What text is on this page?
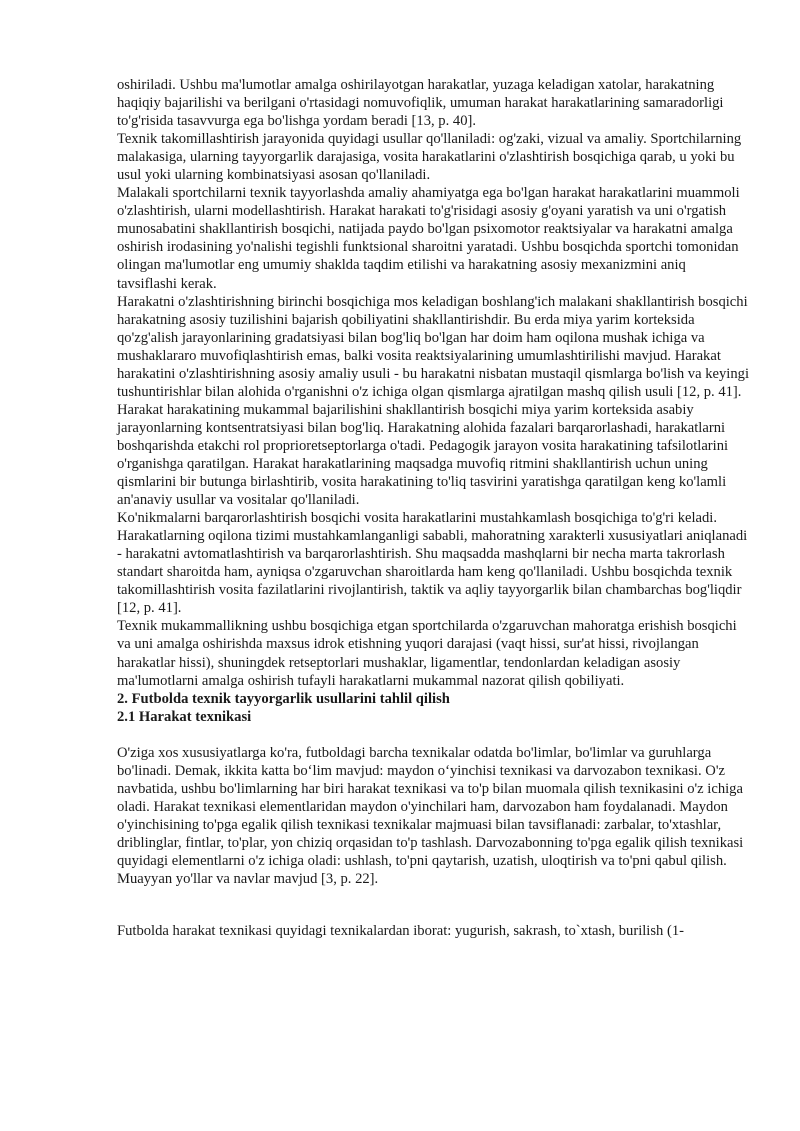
oshiriladi. Ushbu ma'lumotlar amalga oshirilayotgan harakatlar, yuzaga keladigan xatolar, harakatning haqiqiy bajarilishi va berilgani o'rtasidagi nomuvofiqlik, umuman harakat harakatlarining samaradorligi to'g'risida tasavvurga ega bo'lishga yordam beradi [13, p. 40].

Texnik takomillashtirish jarayonida quyidagi usullar qo'llaniladi: og'zaki, vizual va amaliy. Sportchilarning malakasiga, ularning tayyorgarlik darajasiga, vosita harakatlarini o'zlashtirish bosqichiga qarab, u yoki bu usul yoki ularning kombinatsiyasi asosan qo'llaniladi.

Malakali sportchilarni texnik tayyorlashda amaliy ahamiyatga ega bo'lgan harakat harakatlarini muammoli o'zlashtirish, ularni modellashtirish. Harakat harakati to'g'risidagi asosiy g'oyani yaratish va uni o'rgatish munosabatini shakllantirish bosqichi, natijada paydo bo'lgan psixomotor reaktsiyalar va harakatni amalga oshirish irodasining yo'nalishi tegishli funktsional sharoitni yaratadi. Ushbu bosqichda sportchi tomonidan olingan ma'lumotlar eng umumiy shaklda taqdim etilishi va harakatning asosiy mexanizmini aniq tavsiflashi kerak.

Harakatni o'zlashtirishning birinchi bosqichiga mos keladigan boshlang'ich malakani shakllantirish bosqichi harakatning asosiy tuzilishini bajarish qobiliyatini shakllantirishdir. Bu erda miya yarim korteksida qo'zg'alish jarayonlarining gradatsiyasi bilan bog'liq bo'lgan har doim ham oqilona mushak ichiga va mushaklararo muvofiqlashtirish emas, balki vosita reaktsiyalarining umumlashtirilishi mavjud. Harakat harakatini o'zlashtirishning asosiy amaliy usuli - bu harakatni nisbatan mustaqil qismlarga bo'lish va keyingi tushuntirishlar bilan alohida o'rganishni o'z ichiga olgan qismlarga ajratilgan mashq qilish usuli [12, p. 41].

Harakat harakatining mukammal bajarilishini shakllantirish bosqichi miya yarim korteksida asabiy jarayonlarning kontsentratsiyasi bilan bog'liq. Harakatning alohida fazalari barqarorlashadi, harakatlarni boshqarishda etakchi rol proprioretseptorlarga o'tadi. Pedagogik jarayon vosita harakatining tafsilotlarini o'rganishga qaratilgan. Harakat harakatlarining maqsadga muvofiq ritmini shakllantirish uchun uning qismlarini bir butunga birlashtirib, vosita harakatining to'liq tasvirini yaratishga qaratilgan keng ko'lamli an'anaviy usullar va vositalar qo'llaniladi.

Ko'nikmalarni barqarorlashtirish bosqichi vosita harakatlarini mustahkamlash bosqichiga to'g'ri keladi. Harakatlarning oqilona tizimi mustahkamlanganligi sababli, mahoratning xarakterli xususiyatlari aniqlanadi - harakatni avtomatlashtirish va barqarorlashtirish. Shu maqsadda mashqlarni bir necha marta takrorlash standart sharoitda ham, ayniqsa o'zgaruvchan sharoitlarda ham keng qo'llaniladi. Ushbu bosqichda texnik takomillashtirish vosita fazilatlarini rivojlantirish, taktik va aqliy tayyorgarlik bilan chambarchas bog'liqdir [12, p. 41].

Texnik mukammallikning ushbu bosqichiga etgan sportchilarda o'zgaruvchan mahoratga erishish bosqichi va uni amalga oshirishda maxsus idrok etishning yuqori darajasi (vaqt hissi, sur'at hissi, rivojlangan harakatlar hissi), shuningdek retseptorlari mushaklar, ligamentlar, tendonlardan keladigan asosiy ma'lumotlarni amalga oshirish tufayli harakatlarni mukammal nazorat qilish qobiliyati.

2. Futbolda texnik tayyorgarlik usullarini tahlil qilish

2.1 Harakat texnikasi

O'ziga xos xususiyatlarga ko'ra, futboldagi barcha texnikalar odatda bo'limlar, bo'limlar va guruhlarga bo'linadi. Demak, ikkita katta bo‘lim mavjud: maydon o‘yinchisi texnikasi va darvozabon texnikasi. O'z navbatida, ushbu bo'limlarning har biri harakat texnikasi va to'p bilan muomala qilish texnikasini o'z ichiga oladi. Harakat texnikasi elementlaridan maydon o'yinchilari ham, darvozabon ham foydalanadi. Maydon o'yinchisining to'pga egalik qilish texnikasi texnikalar majmuasi bilan tavsiflanadi: zarbalar, to'xtashlar, driblinglar, fintlar, to'plar, yon chiziq orqasidan to'p tashlash. Darvozabonning to'pga egalik qilish texnikasi quyidagi elementlarni o'z ichiga oladi: ushlash, to'pni qaytarish, uzatish, uloqtirish va to'pni qabul qilish. Muayyan yo'llar va navlar mavjud [3, p. 22].

Futbolda harakat texnikasi quyidagi texnikalardan iborat: yugurish, sakrash, to`xtash, burilish (1-
